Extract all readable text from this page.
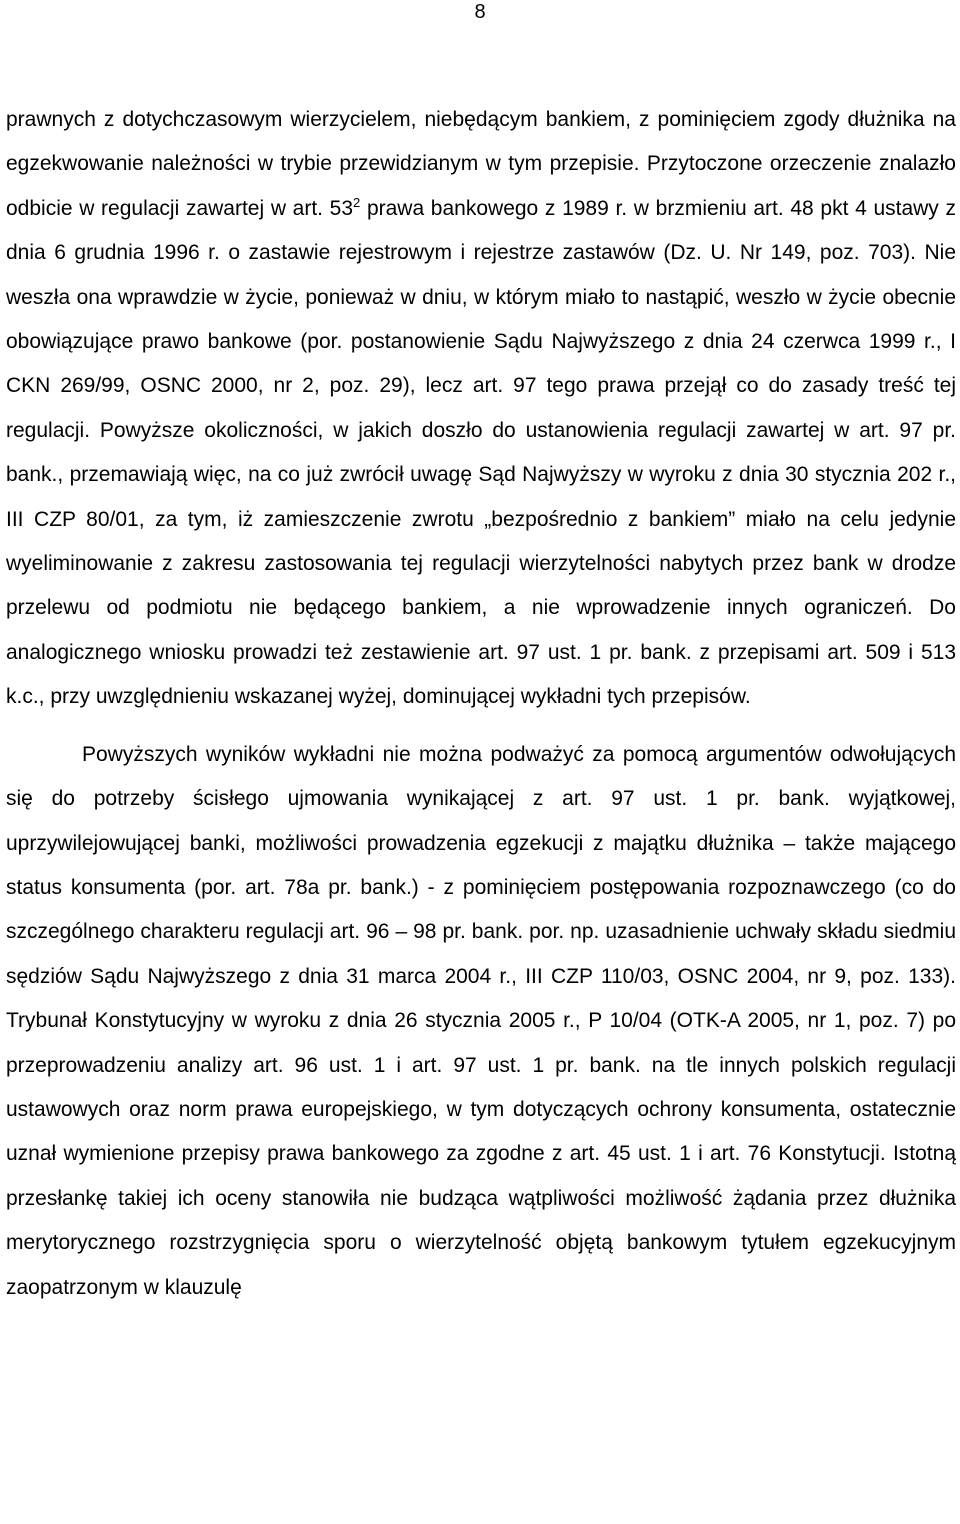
8

prawnych z dotychczasowym wierzycielem, niebędącym bankiem, z pominięciem zgody dłużnika na egzekwowanie należności w trybie przewidzianym w tym przepisie. Przytoczone orzeczenie znalazło odbicie w regulacji zawartej w art. $53^2$ prawa bankowego z 1989 r. w brzmieniu art. 48 pkt 4 ustawy z dnia 6 grudnia 1996 r. o zastawie rejestrowym i rejestrze zastawów (Dz. U. Nr 149, poz. 703). Nie weszła ona wprawdzie w życie, ponieważ w dniu, w którym miało to nastąpić, weszło w życie obecnie obowiązujące prawo bankowe (por. postanowienie Sądu Najwyższego z dnia 24 czerwca 1999 r., I CKN 269/99, OSNC 2000, nr 2, poz. 29), lecz art. 97 tego prawa przejął co do zasady treść tej regulacji. Powyższe okoliczności, w jakich doszło do ustanowienia regulacji zawartej w art. 97 pr. bank., przemawiają więc, na co już zwrócił uwagę Sąd Najwyższy w wyroku z dnia 30 stycznia 202 r., III CZP 80/01, za tym, iż zamieszczenie zwrotu „bezpośrednio z bankiem” miało na celu jedynie wyeliminowanie z zakresu zastosowania tej regulacji wierzytelności nabytych przez bank w drodze przelewu od podmiotu nie będącego bankiem, a nie wprowadzenie innych ograniczeń. Do analogicznego wniosku prowadzi też zestawienie art. 97 ust. 1 pr. bank. z przepisami art. 509 i 513 k.c., przy uwzględnieniu wskazanej wyżej, dominującej wykładni tych przepisów.

Powyższych wyników wykładni nie można podważyć za pomocą argumentów odwołujących się do potrzeby ścisłego ujmowania wynikającej z art. 97 ust. 1 pr. bank. wyjątkowej, uprzywilejowującej banki, możliwości prowadzenia egzekucji z majątku dłużnika – także mającego status konsumenta (por. art. 78a pr. bank.) - z pominięciem postępowania rozpoznawczego (co do szczególnego charakteru regulacji art. 96 – 98 pr. bank. por. np. uzasadnienie uchwały składu siedmiu sędziów Sądu Najwyższego z dnia 31 marca 2004 r., III CZP 110/03, OSNC 2004, nr 9, poz. 133). Trybunał Konstytucyjny w wyroku z dnia 26 stycznia 2005 r., P 10/04 (OTK-A 2005, nr 1, poz. 7) po przeprowadzeniu analizy art. 96 ust. 1 i art. 97 ust. 1 pr. bank. na tle innych polskich regulacji ustawowych oraz norm prawa europejskiego, w tym dotyczących ochrony konsumenta, ostatecznie uznał wymienione przepisy prawa bankowego za zgodne z art. 45 ust. 1 i art. 76 Konstytucji. Istotną przesłankę takiej ich oceny stanowiła nie budząca wątpliwości możliwość żądania przez dłużnika merytorycznego rozstrzygnięcia sporu o wierzytelność objętą bankowym tytułem egzekucyjnym zaopatrzonym w klauzulę
